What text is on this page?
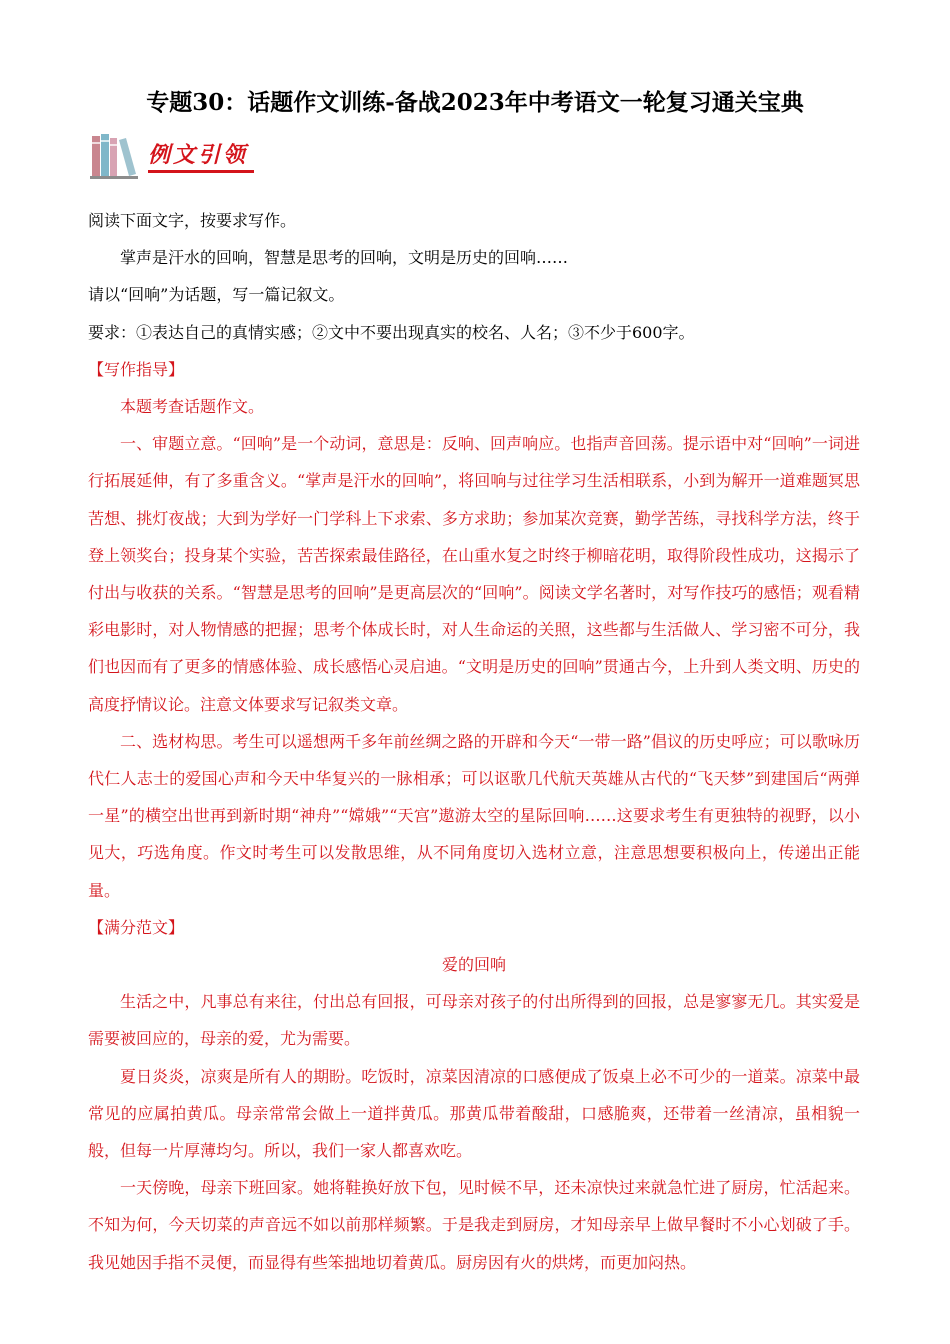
专题30：话题作文训练-备战2023年中考语文一轮复习通关宝典
例文引领

阅读下面文字，按要求写作。

掌声是汗水的回响，智慧是思考的回响，文明是历史的回响……

请以“回响”为话题，写一篇记叙文。

要求：①表达自己的真情实感；②文中不要出现真实的校名、人名；③不少于600字。

【写作指导】

本题考查话题作文。

一、审题立意。“回响”是一个动词，意思是：反响、回声响应。也指声音回荡。提示语中对“回响”一词进行拓展延伸，有了多重含义。“掌声是汗水的回响”，将回响与过往学习生活相联系，小到为解开一道难题冥思苦想、挑灯夜战；大到为学好一门学科上下求索、多方求助；参加某次竞赛，勤学苦练，寻找科学方法，终于登上领奖台；投身某个实验，苦苦探索最佳路径，在山重水复之时终于柳暗花明，取得阶段性成功，这揭示了付出与收获的关系。“智慧是思考的回响”是更高层次的“回响”。阅读文学名著时，对写作技巧的感悟；观看精彩电影时，对人物情感的把握；思考个体成长时，对人生命运的关照，这些都与生活做人、学习密不可分，我们也因而有了更多的情感体验、成长感悟心灵启迪。“文明是历史的回响”贯通古今，上升到人类文明、历史的高度抒情议论。注意文体要求写记叙类文章。

二、选材构思。考生可以遥想两千多年前丝绸之路的开辟和今天“一带一路”倡议的历史呼应；可以歌咏历代仁人志士的爱国心声和今天中华复兴的一脉相承；可以讴歌几代航天英雄从古代的“飞天梦”到建国后“两弹一星”的横空出世再到新时期“神舟”“嫦娥”“天宫”遨游太空的星际回响……这要求考生有更独特的视野，以小见大，巧选角度。作文时考生可以发散思维，从不同角度切入选材立意，注意思想要积极向上，传递出正能量。

【满分范文】

爱的回响

生活之中，凡事总有来往，付出总有回报，可母亲对孩子的付出所得到的回报，总是寥寥无几。其实爱是需要被回应的，母亲的爱，尤为需要。

夏日炎炎，凉爽是所有人的期盼。吃饭时，凉菜因清凉的口感便成了饭桌上必不可少的一道菜。凉菜中最常见的应属拍黄瓜。母亲常常会做上一道拌黄瓜。那黄瓜带着酸甜，口感脆爽，还带着一丝清凉，虽相貌一般，但每一片厚薄均匀。所以，我们一家人都喜欢吃。

一天傍晚，母亲下班回家。她将鞋换好放下包，见时候不早，还未凉快过来就急忙进了厨房，忙活起来。不知为何，今天切菜的声音远不如以前那样频繁。于是我走到厨房，才知母亲早上做早餐时不小心划破了手。我见她因手指不灵便，而显得有些笨拙地切着黄瓜。厨房因有火的烘烤，而更加闷热。
